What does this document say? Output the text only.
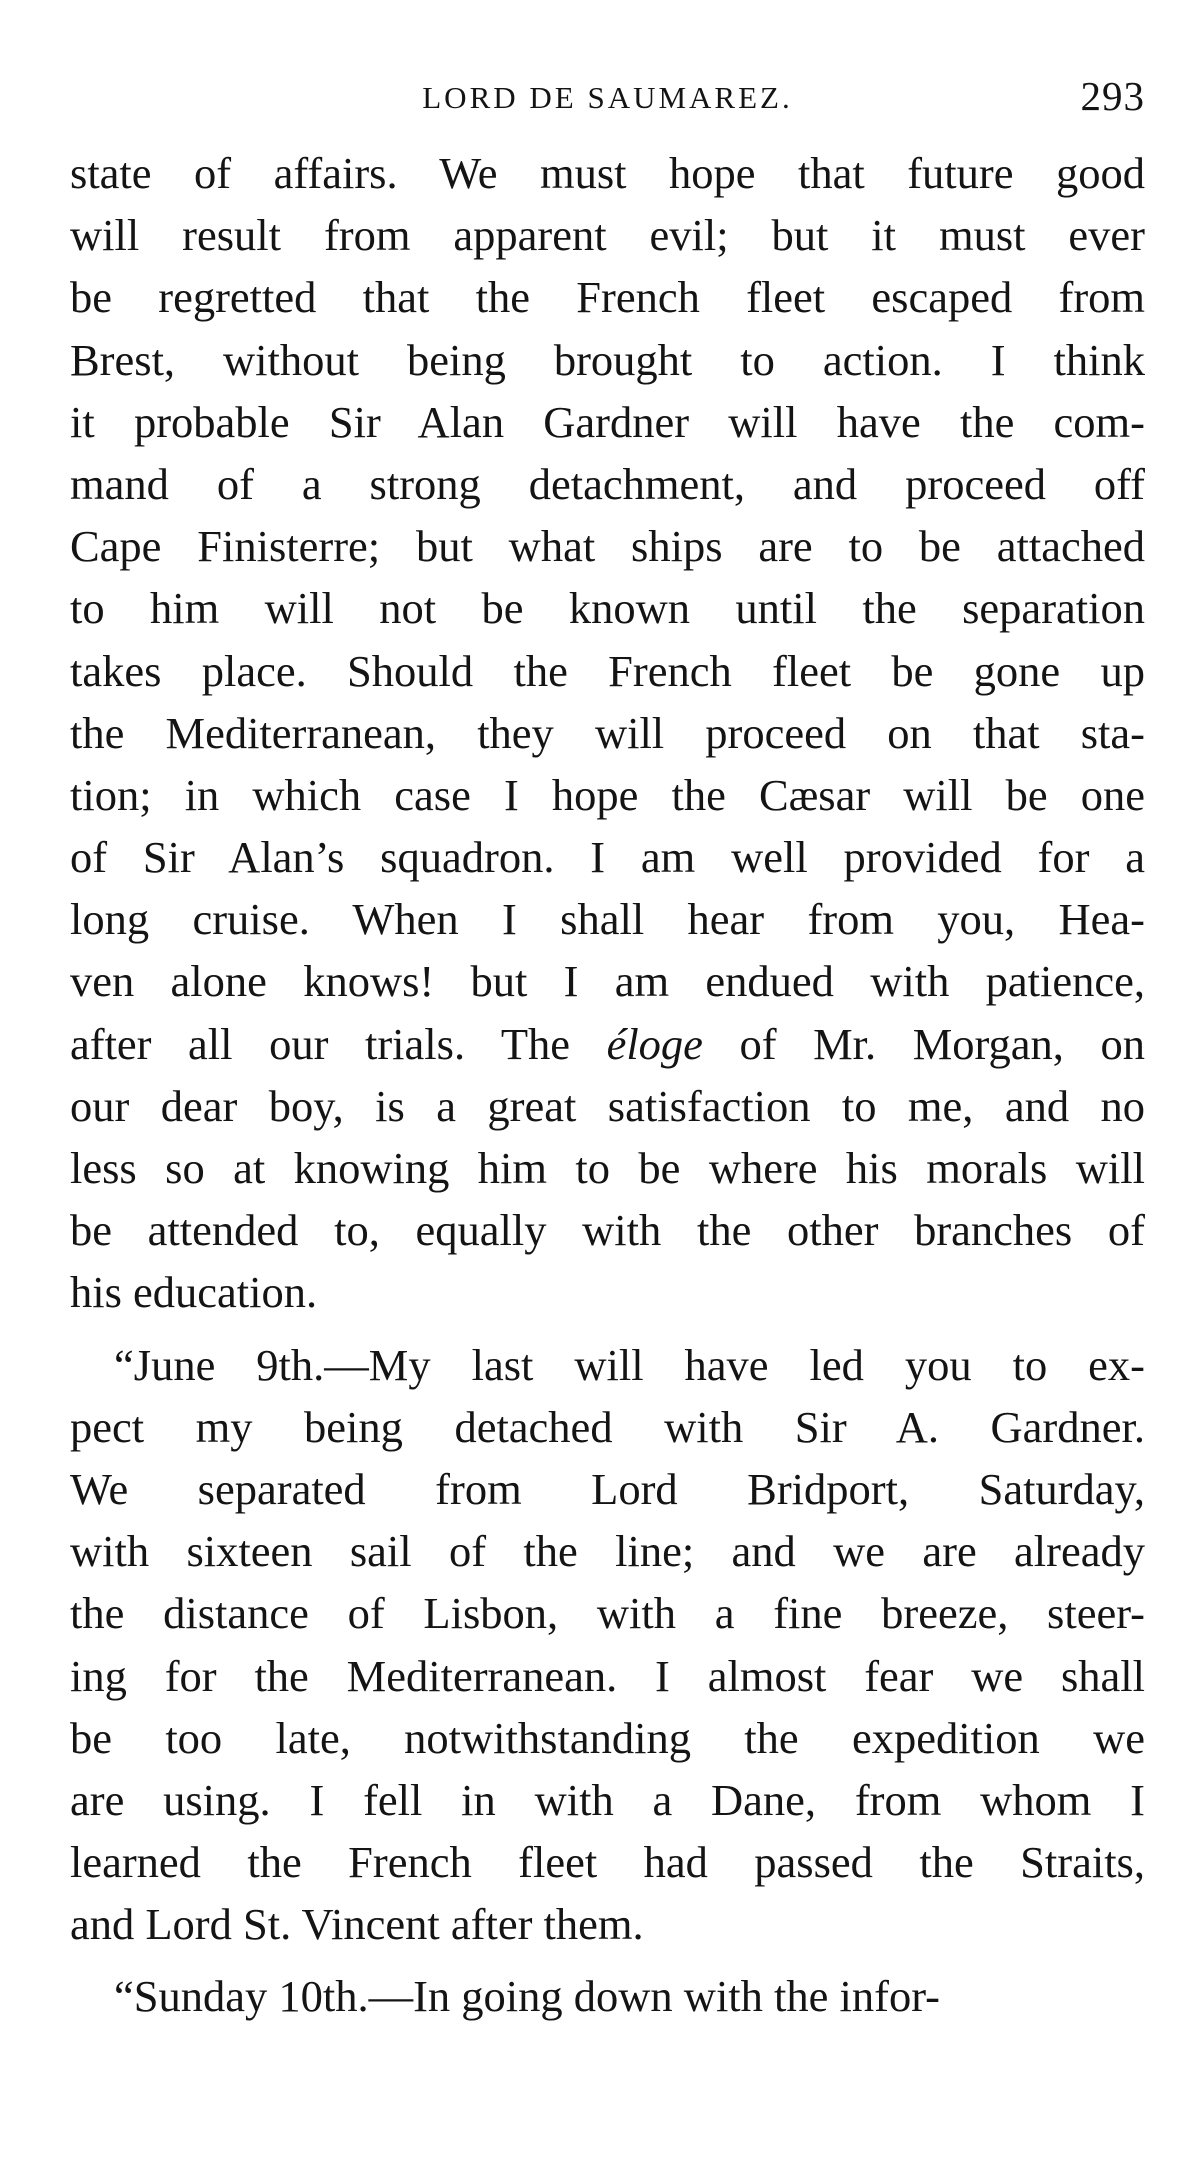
LORD DE SAUMAREZ.	293
state of affairs. We must hope that future good
will result from apparent evil; but it must ever
be regretted that the French fleet escaped from
Brest, without being brought to action. I think
it probable Sir Alan Gardner will have the com-
mand of a strong detachment, and proceed off
Cape Finisterre; but what ships are to be attached
to him will not be known until the separation
takes place. Should the French fleet be gone up
the Mediterranean, they will proceed on that sta-
tion; in which case I hope the Cæsar will be one
of Sir Alan’s squadron. I am well provided for a
long cruise. When I shall hear from you, Hea-
ven alone knows! but I am endued with patience,
after all our trials. The éloge of Mr. Morgan, on
our dear boy, is a great satisfaction to me, and no
less so at knowing him to be where his morals will
be attended to, equally with the other branches of
his education.
“June 9th.—My last will have led you to ex-
pect my being detached with Sir A. Gardner.
We separated from Lord Bridport, Saturday,
with sixteen sail of the line; and we are already
the distance of Lisbon, with a fine breeze, steer-
ing for the Mediterranean. I almost fear we shall
be too late, notwithstanding the expedition we
are using. I fell in with a Dane, from whom I
learned the French fleet had passed the Straits,
and Lord St. Vincent after them.
“Sunday 10th.—In going down with the infor-
